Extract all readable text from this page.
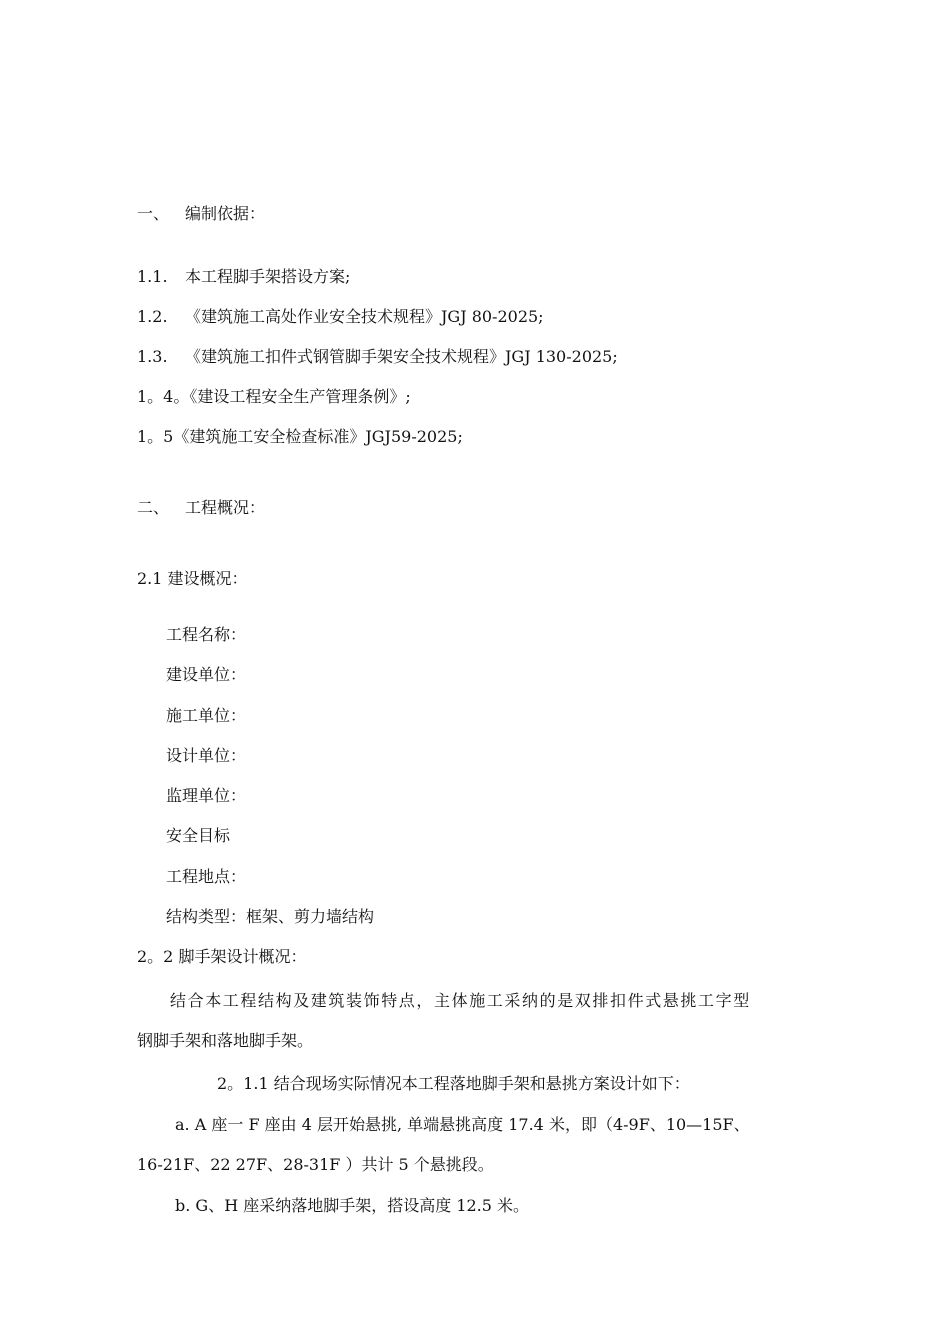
一、 编制依据：
1.1. 本工程脚手架搭设方案;
1.2. 《建筑施工高处作业安全技术规程》JGJ 80-2025;
1.3. 《建筑施工扣件式钢管脚手架安全技术规程》JGJ 130-2025;
1。4。《建设工程安全生产管理条例》;
1。5《建筑施工安全检查标准》JGJ59-2025;
二、 工程概况：
2.1 建设概况：
工程名称：
建设单位：
施工单位：
设计单位：
监理单位：
安全目标
工程地点：
结构类型：框架、剪力墙结构
2。2 脚手架设计概况：
结合本工程结构及建筑装饰特点，主体施工采纳的是双排扣件式悬挑工字型
钢脚手架和落地脚手架。
2。1.1 结合现场实际情况本工程落地脚手架和悬挑方案设计如下：
a. A 座一 F 座由 4 层开始悬挑, 单端悬挑高度 17.4 米，即（4-9F、10—15F、
16-21F、22 27F、28-31F ）共计 5 个悬挑段。
b. G、H 座采纳落地脚手架，搭设高度 12.5 米。
